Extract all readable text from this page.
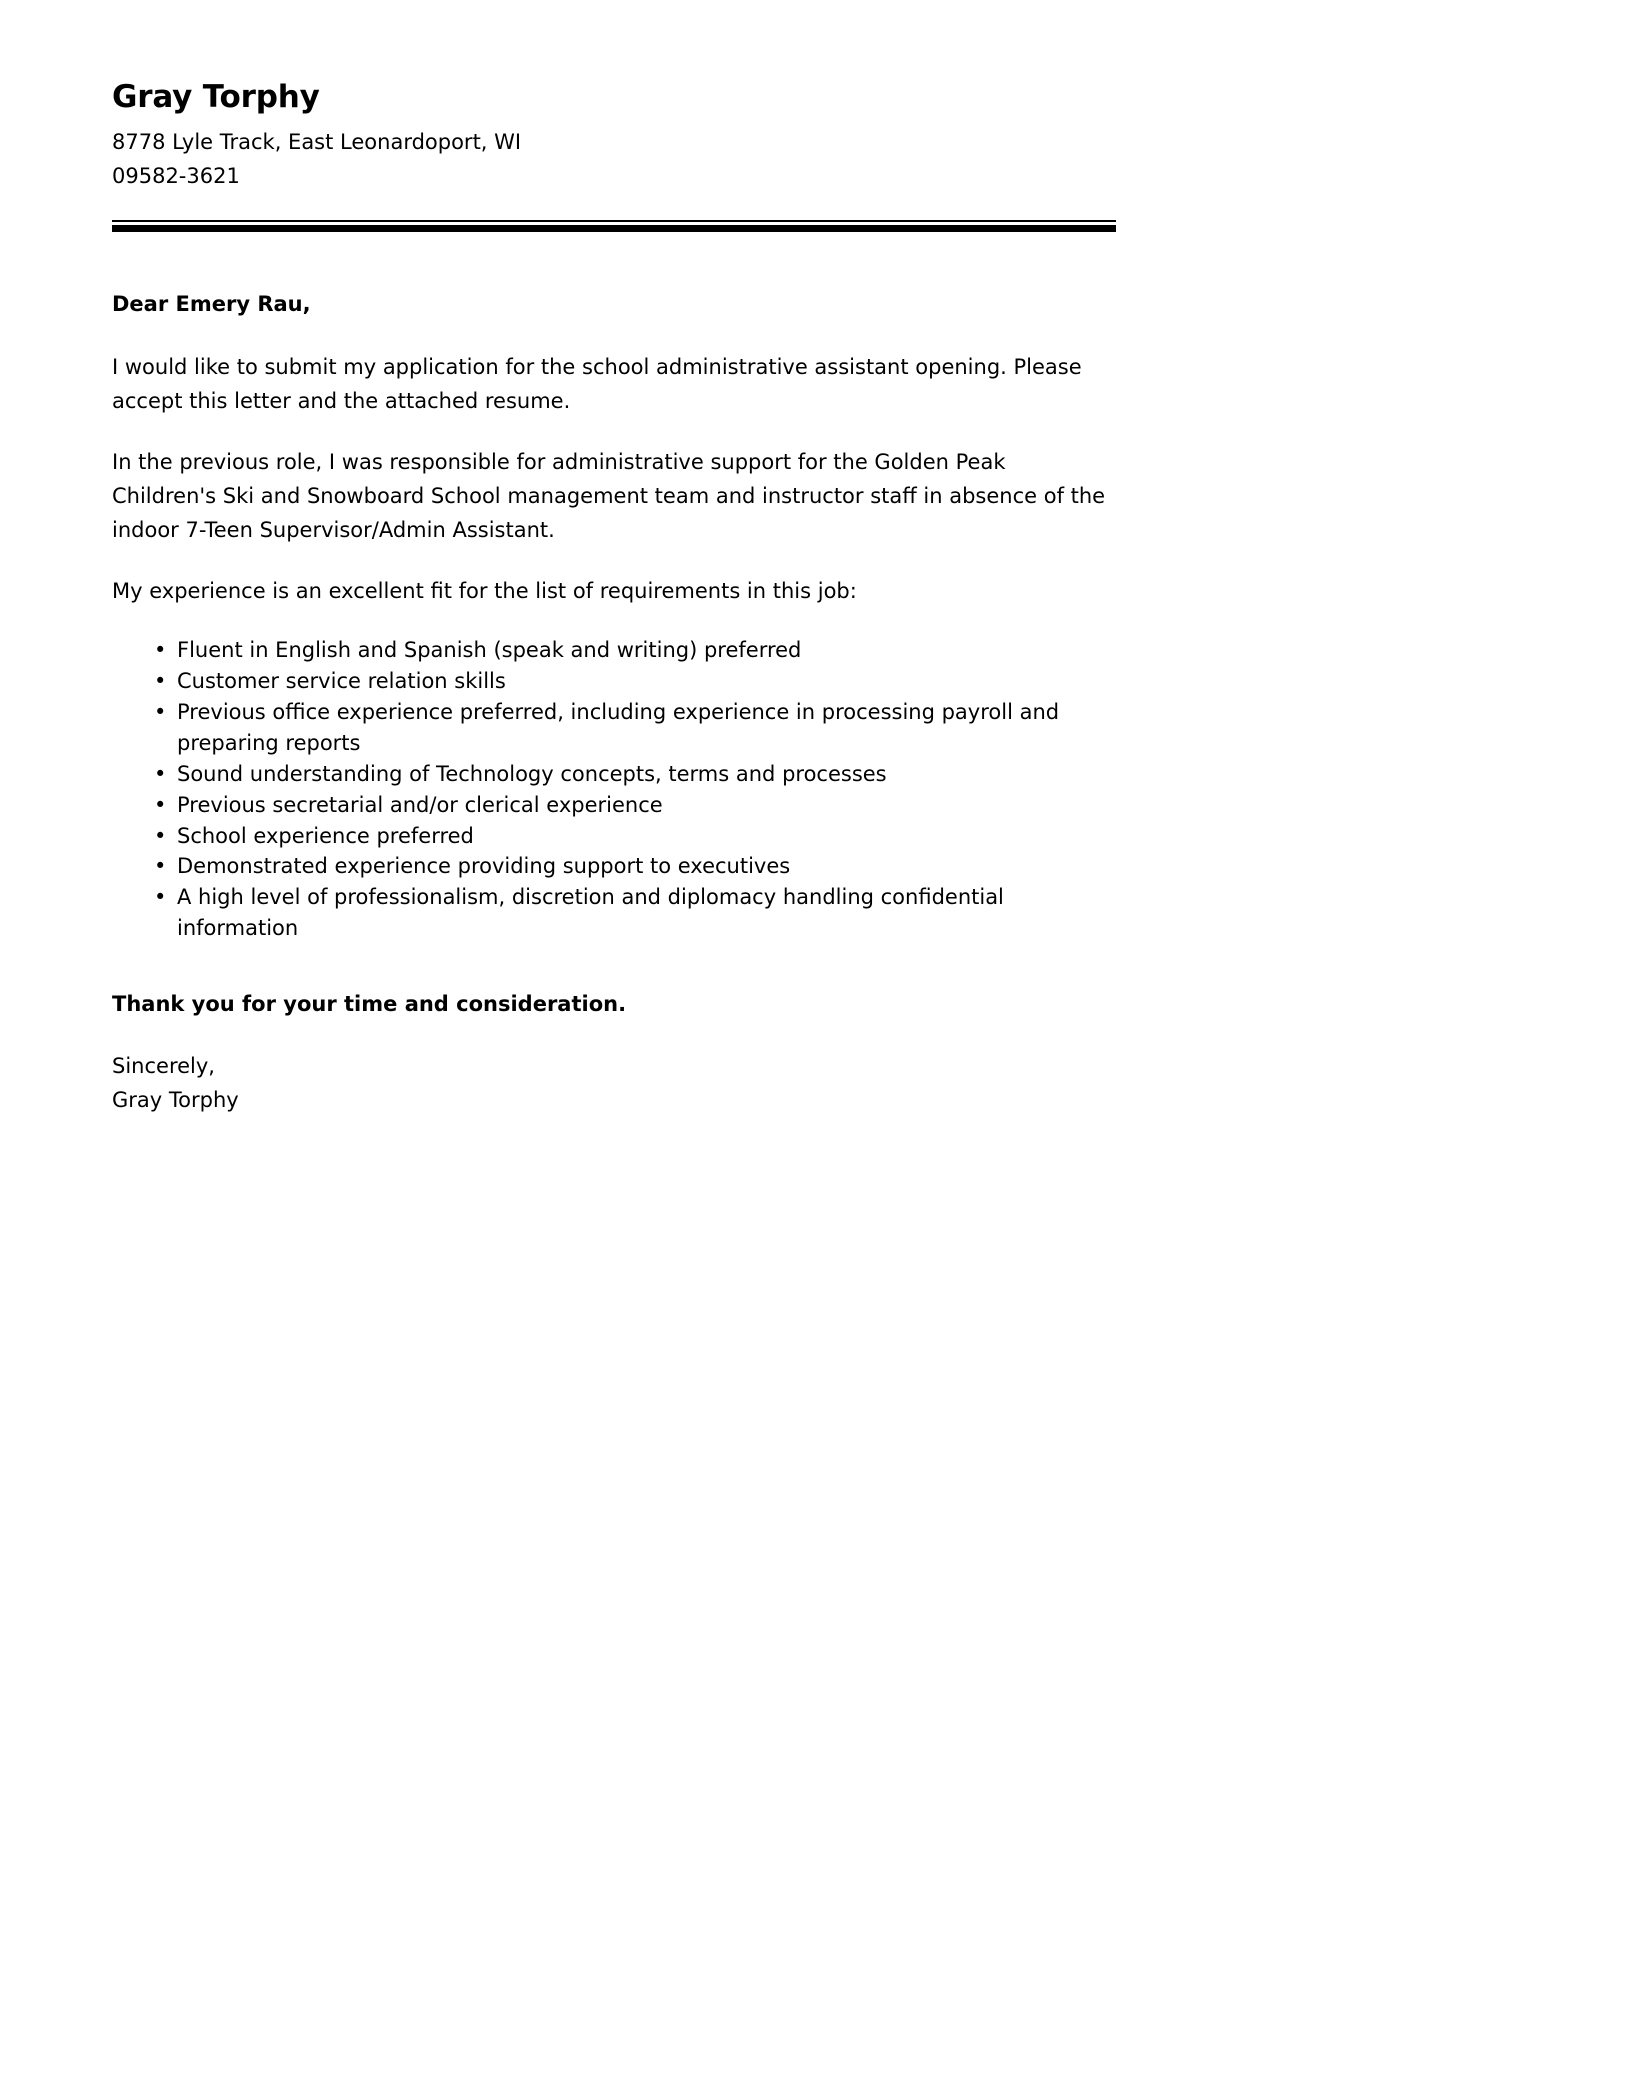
Gray Torphy

8778 Lyle Track, East Leonardoport, WI 09582-3621

Dear Emery Rau,

I would like to submit my application for the school administrative assistant opening. Please accept this letter and the attached resume.

In the previous role, I was responsible for administrative support for the Golden Peak Children's Ski and Snowboard School management team and instructor staff in absence of the indoor 7-Teen Supervisor/Admin Assistant.

My experience is an excellent fit for the list of requirements in this job:

• Fluent in English and Spanish (speak and writing) preferred
• Customer service relation skills
• Previous office experience preferred, including experience in processing payroll and preparing reports
• Sound understanding of Technology concepts, terms and processes
• Previous secretarial and/or clerical experience
• School experience preferred
• Demonstrated experience providing support to executives
• A high level of professionalism, discretion and diplomacy handling confidential information

Thank you for your time and consideration.

Sincerely,
Gray Torphy
